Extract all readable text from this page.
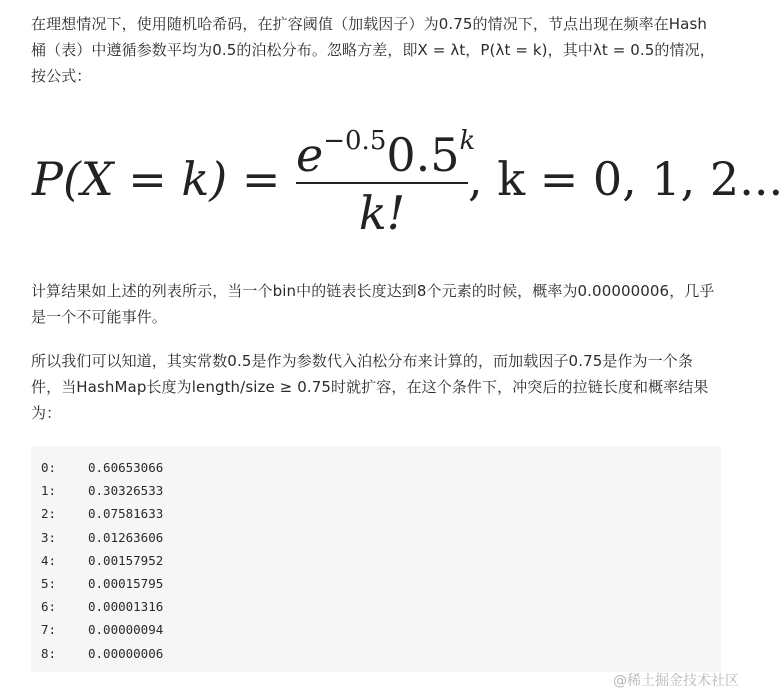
在理想情况下，使用随机哈希码，在扩容阈值（加载因子）为0.75的情况下，节点出现在频率在Hash桶（表）中遵循参数平均为0.5的泊松分布。忽略方差，即X = λt，P(λt = k)，其中λt = 0.5的情况，按公式：

$P(X = k) = e^{-0.5}0.5^k$
k!
, k = 0, 1, 2...

计算结果如上述的列表所示，当一个bin中的链表长度达到8个元素的时候，概率为0.00000006，几乎是一个不可能事件。

所以我们可以知道，其实常数0.5是作为参数代入泊松分布来计算的，而加载因子0.75是作为一个条件，当HashMap长度为length/size ≥ 0.75时就扩容，在这个条件下，冲突后的拉链长度和概率结果为：

0:	0.60653066
1:	0.30326533
2:	0.07581633
3:	0.01263606
4:	0.00157952
5:	0.00015795
6:	0.00001316
7:	0.00000094
8:	0.00000006
@稀土掘金技术社区
